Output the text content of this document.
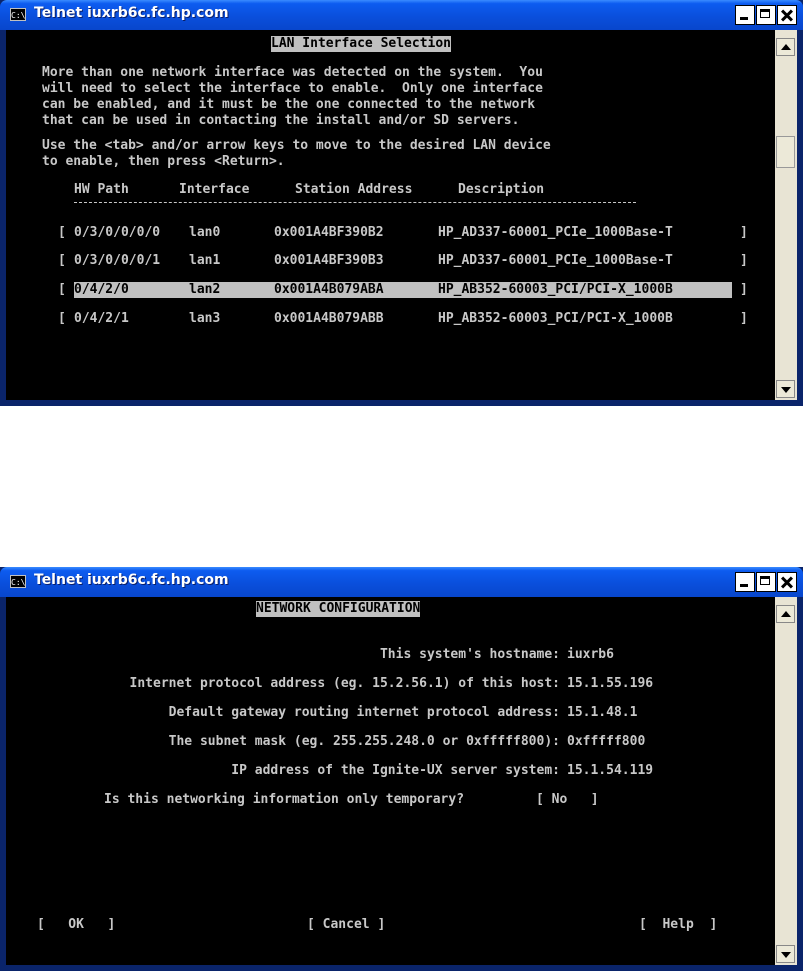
C:\ Telnet iuxrb6c.fc.hp.com
LAN Interface Selection
More than one network interface was detected on the system.  You
will need to select the interface to enable.  Only one interface
can be enabled, and it must be the one connected to the network
that can be used in contacting the install and/or SD servers.
Use the <tab> and/or arrow keys to move to the desired LAN device
to enable, then press <Return>.
HW Path	Interface	Station Address	Description
[ 0/3/0/0/0/0 lan0	0x001A4BF390B2	HP_AD337-60001_PCIe_1000Base-T	]
[ 0/3/0/0/0/1 lan1	0x001A4BF390B3	HP_AD337-60001_PCIe_1000Base-T	]
[ 0/4/2/0	lan2	0x001A4B079ABA	HP_AB352-60003_PCI/PCI-X_1000B	]
[ 0/4/2/1	lan3	0x001A4B079ABB	HP_AB352-60003_PCI/PCI-X_1000B	]
C:\ Telnet iuxrb6c.fc.hp.com
NETWORK CONFIGURATION
This system's hostname: iuxrb6
Internet protocol address (eg. 15.2.56.1) of this host: 15.1.55.196
Default gateway routing internet protocol address: 15.1.48.1
The subnet mask (eg. 255.255.248.0 or 0xfffff800): 0xfffff800
IP address of the Ignite-UX server system: 15.1.54.119
Is this networking information only temporary?	[ No   ]
[   OK   ]	[ Cancel ]	[  Help  ]
